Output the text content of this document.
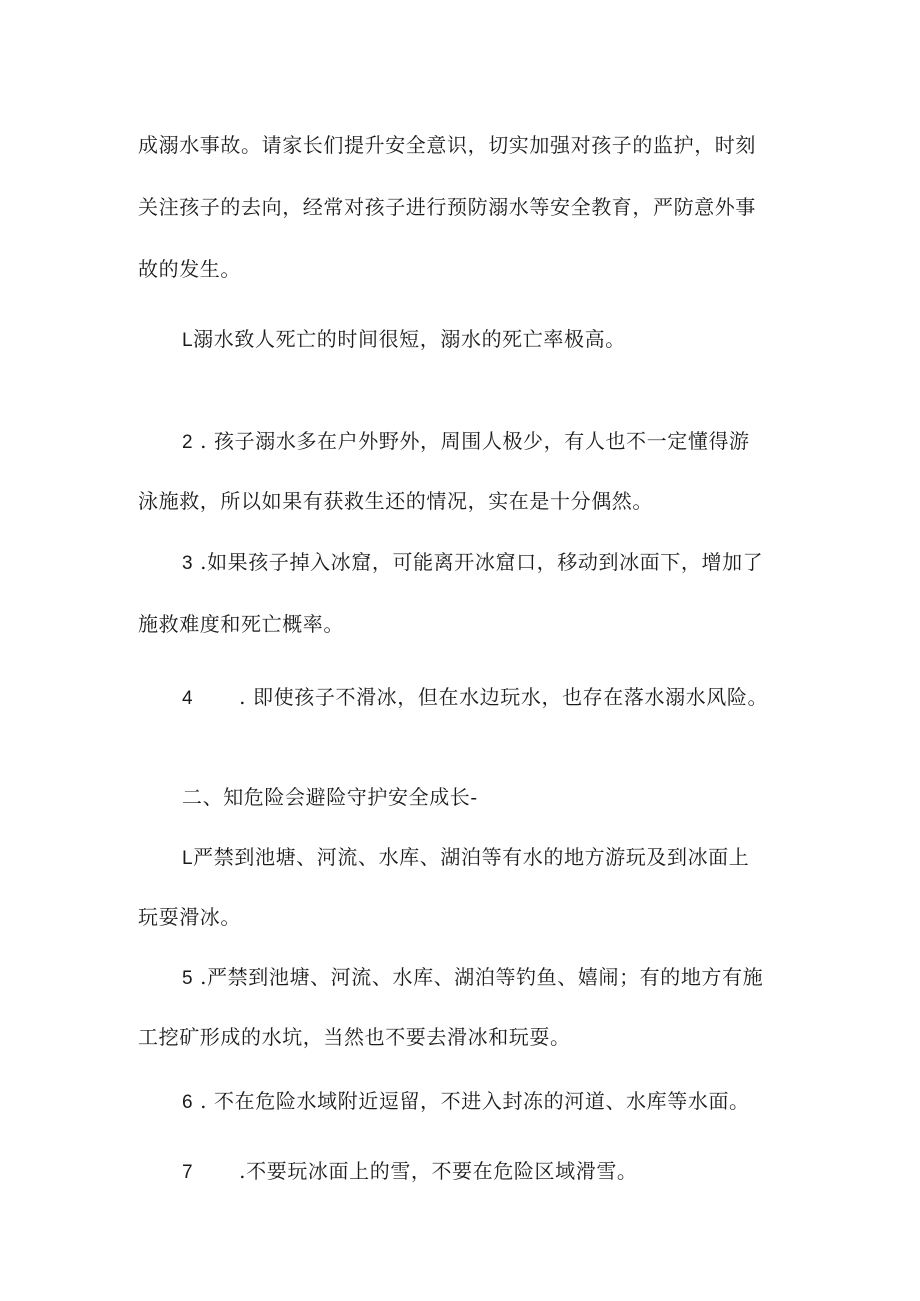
成溺水事故。请家长们提升安全意识，切实加强对孩子的监护，时刻
关注孩子的去向，经常对孩子进行预防溺水等安全教育，严防意外事
故的发生。
L溺水致人死亡的时间很短，溺水的死亡率极高。
2 . 孩子溺水多在户外野外，周围人极少，有人也不一定懂得游
泳施救，所以如果有获救生还的情况，实在是十分偶然。
3 .如果孩子掉入冰窟，可能离开冰窟口，移动到冰面下，增加了
施救难度和死亡概率。
4 . 即使孩子不滑冰，但在水边玩水，也存在落水溺水风险。
二、知危险会避险守护安全成长-
L严禁到池塘、河流、水库、湖泊等有水的地方游玩及到冰面上
玩耍滑冰。
5 .严禁到池塘、河流、水库、湖泊等钓鱼、嬉闹；有的地方有施
工挖矿形成的水坑，当然也不要去滑冰和玩耍。
6 . 不在危险水域附近逗留，不进入封冻的河道、水库等水面。
7 .不要玩冰面上的雪，不要在危险区域滑雪。
